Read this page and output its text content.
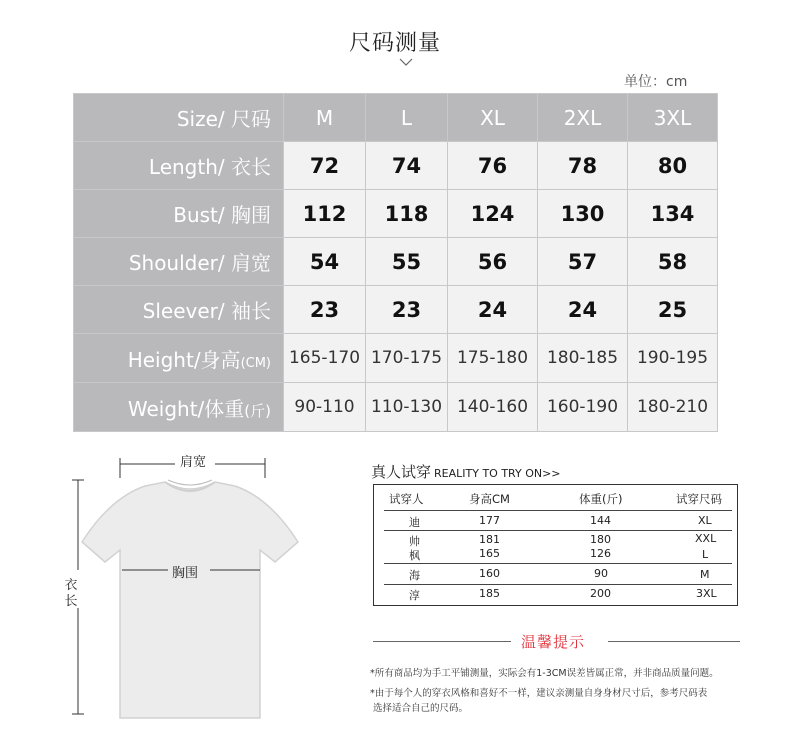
尺码测量
单位：cm
Size/ 尺码	M	L	XL	2XL	3XL
Length/ 衣长	72	74	76	78	80
Bust/ 胸围	112	118	124	130	134
Shoulder/ 肩宽	54	55	56	57	58
Sleever/ 袖长	23	23	24	24	25
Height/身高(CM)	165-170	170-175	175-180	180-185	190-195
Weight/体重(斤)	90-110	110-130	140-160	160-190	180-210
肩宽
胸围
衣长
真人试穿 REALITY TO TRY ON>>
试穿人	身高CM	体重(斤)	试穿尺码
迪	177	144	XL
帅	181	180	XXL
枫	165	126	L
海	160	90	M
淳	185	200	3XL
温馨提示
*所有商品均为手工平铺测量，实际会有1-3CM误差皆属正常，并非商品质量问题。
*由于每个人的穿衣风格和喜好不一样，建议亲测量自身身材尺寸后，参考尺码表
选择适合自己的尺码。
